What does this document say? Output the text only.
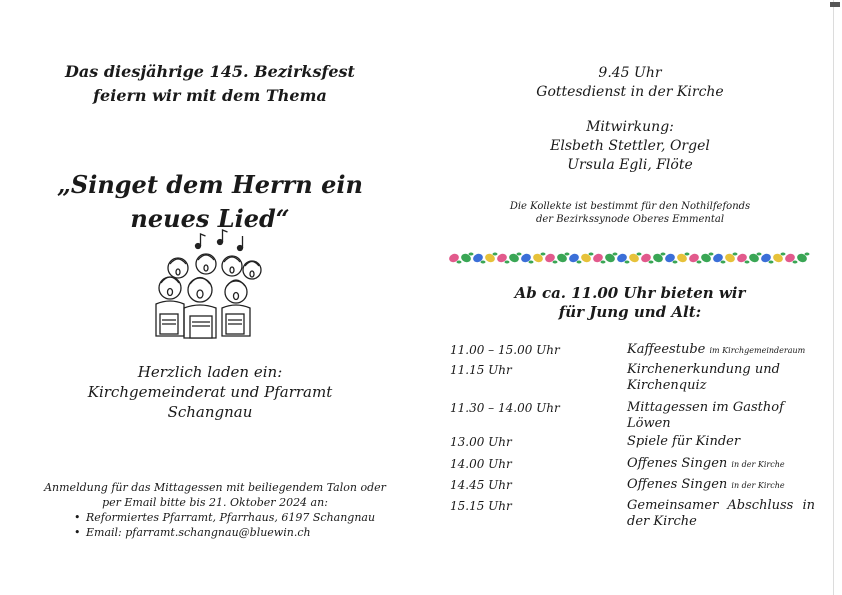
Das diesjährige 145. Bezirksfest
feiern wir mit dem Thema
„Singet dem Herrn ein
neues Lied“
Herzlich laden ein:
Kirchgemeinderat und Pfarramt
Schangnau
Anmeldung für das Mittagessen mit beiliegendem Talon oder
per Email bitte bis 21. Oktober 2024 an:
• Reformiertes Pfarramt, Pfarrhaus, 6197 Schangnau
• Email: pfarramt.schangnau@bluewin.ch
9.45 Uhr
Gottesdienst in der Kirche
Mitwirkung:
Elsbeth Stettler, Orgel
Ursula Egli, Flöte
Die Kollekte ist bestimmt für den Nothilfefonds
der Bezirkssynode Oberes Emmental
Ab ca. 11.00 Uhr bieten wir
für Jung und Alt:
11.00 – 15.00 Uhr	Kaffeestube im Kirchgemeinderaum
11.15 Uhr	Kirchenerkundung und Kirchenquiz
11.30 – 14.00 Uhr	Mittagessen im Gasthof Löwen
13.00 Uhr	Spiele für Kinder
14.00 Uhr	Offenes Singen in der Kirche
14.45 Uhr	Offenes Singen in der Kirche
15.15 Uhr	Gemeinsamer Abschluss in der Kirche
